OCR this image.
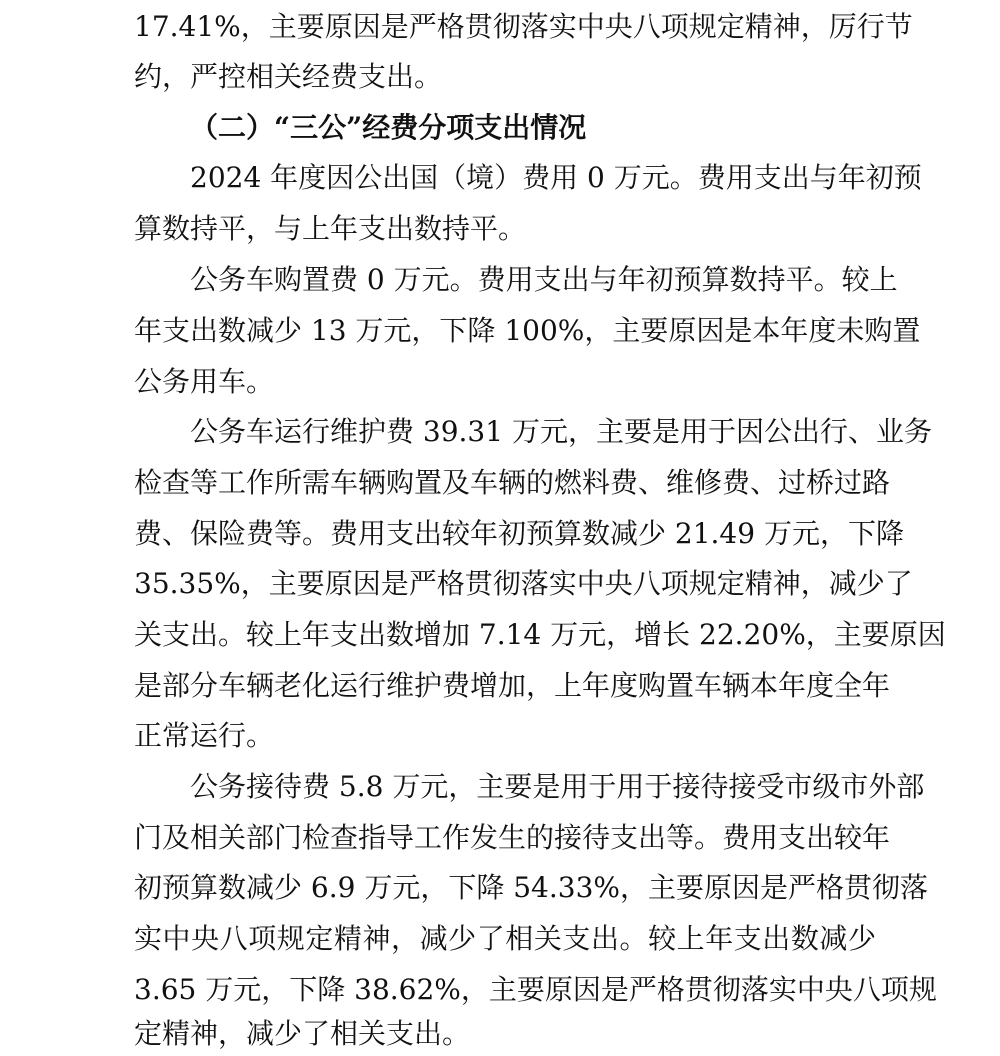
17.41%，主要原因是严格贯彻落实中央八项规定精神，厉行节
约，严控相关经费支出。
（二）“三公”经费分项支出情况
2024 年度因公出国（境）费用 0 万元。费用支出与年初预
算数持平，与上年支出数持平。
公务车购置费 0 万元。费用支出与年初预算数持平。较上
年支出数减少 13 万元，下降 100%，主要原因是本年度未购置
公务用车。
公务车运行维护费 39.31 万元，主要是用于因公出行、业务
检查等工作所需车辆购置及车辆的燃料费、维修费、过桥过路
费、保险费等。费用支出较年初预算数减少 21.49 万元，下降
35.35%，主要原因是严格贯彻落实中央八项规定精神，减少了
关支出。较上年支出数增加 7.14 万元，增长 22.20%，主要原因
是部分车辆老化运行维护费增加，上年度购置车辆本年度全年
正常运行。
公务接待费 5.8 万元，主要是用于用于接待接受市级市外部
门及相关部门检查指导工作发生的接待支出等。费用支出较年
初预算数减少 6.9 万元，下降 54.33%，主要原因是严格贯彻落
实中央八项规定精神，减少了相关支出。较上年支出数减少
3.65 万元，下降 38.62%，主要原因是严格贯彻落实中央八项规
定精神，减少了相关支出。
